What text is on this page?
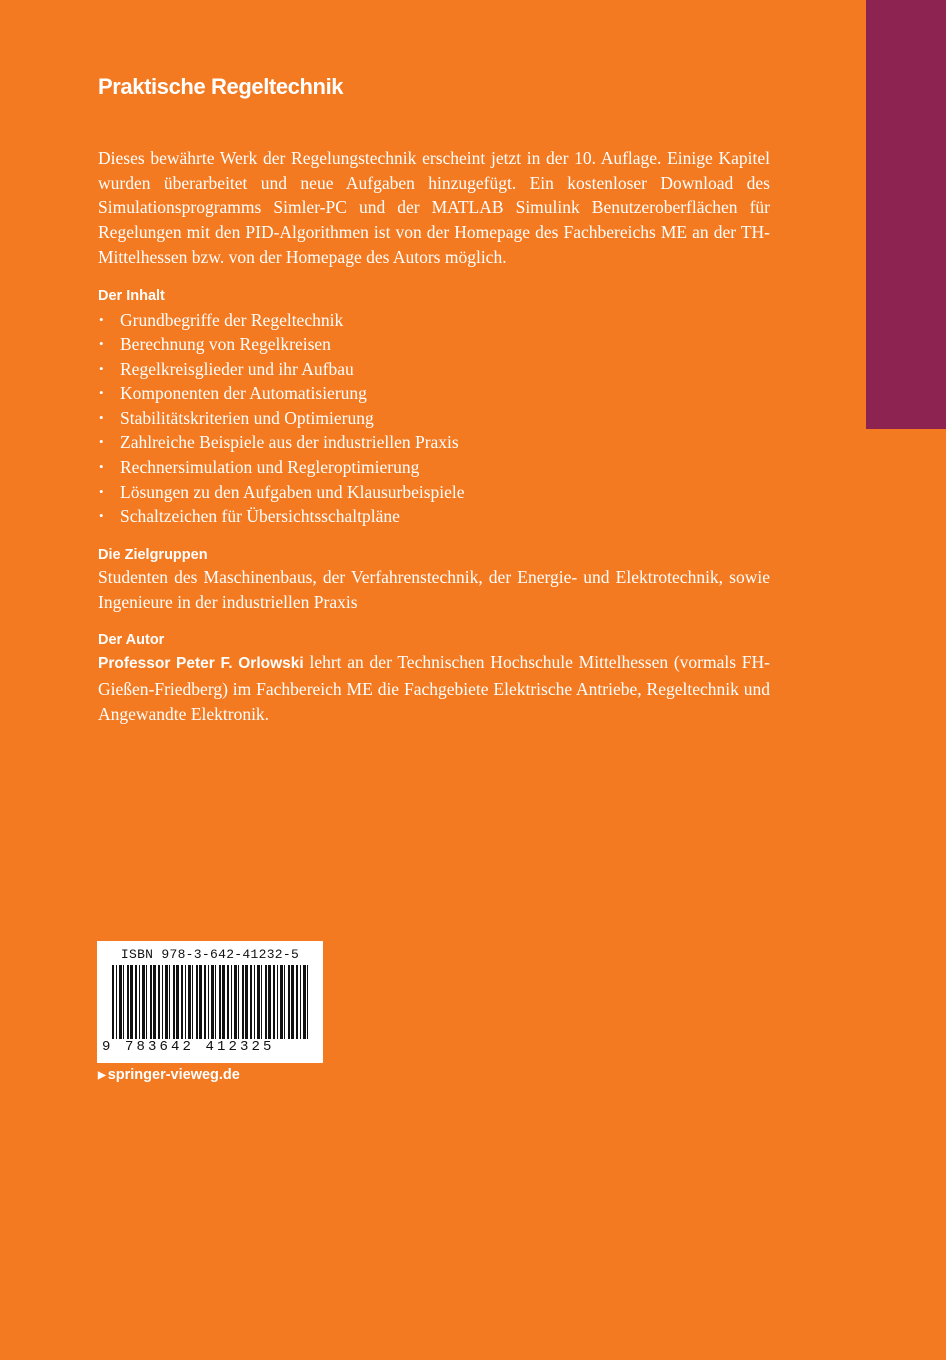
Praktische Regeltechnik

Dieses bewährte Werk der Regelungstechnik erscheint jetzt in der 10. Auflage. Einige Kapitel wurden überarbeitet und neue Aufgaben hinzugefügt. Ein kostenloser Download des Simulationsprogramms Simler-PC und der MATLAB Simulink Benutzeroberflächen für Regelungen mit den PID-Algorithmen ist von der Homepage des Fachbereichs ME an der TH-Mittelhessen bzw. von der Homepage des Autors möglich.

Der Inhalt
• Grundbegriffe der Regeltechnik
• Berechnung von Regelkreisen
• Regelkreisglieder und ihr Aufbau
• Komponenten der Automatisierung
• Stabilitätskriterien und Optimierung
• Zahlreiche Beispiele aus der industriellen Praxis
• Rechnersimulation und Regleroptimierung
• Lösungen zu den Aufgaben und Klausurbeispiele
• Schaltzeichen für Übersichtsschaltpläne
Die Zielgruppen

Studenten des Maschinenbaus, der Verfahrenstechnik, der Energie- und Elektrotechnik, sowie Ingenieure in der industriellen Praxis

Der Autor

Professor Peter F. Orlowski lehrt an der Technischen Hochschule Mittelhessen (vormals FH-Gießen-Friedberg) im Fachbereich ME die Fachgebiete Elektrische Antriebe, Regeltechnik und Angewandte Elektronik.

ISBN 978-3-642-41232-5
9 783642 412325
▶ springer-vieweg.de
